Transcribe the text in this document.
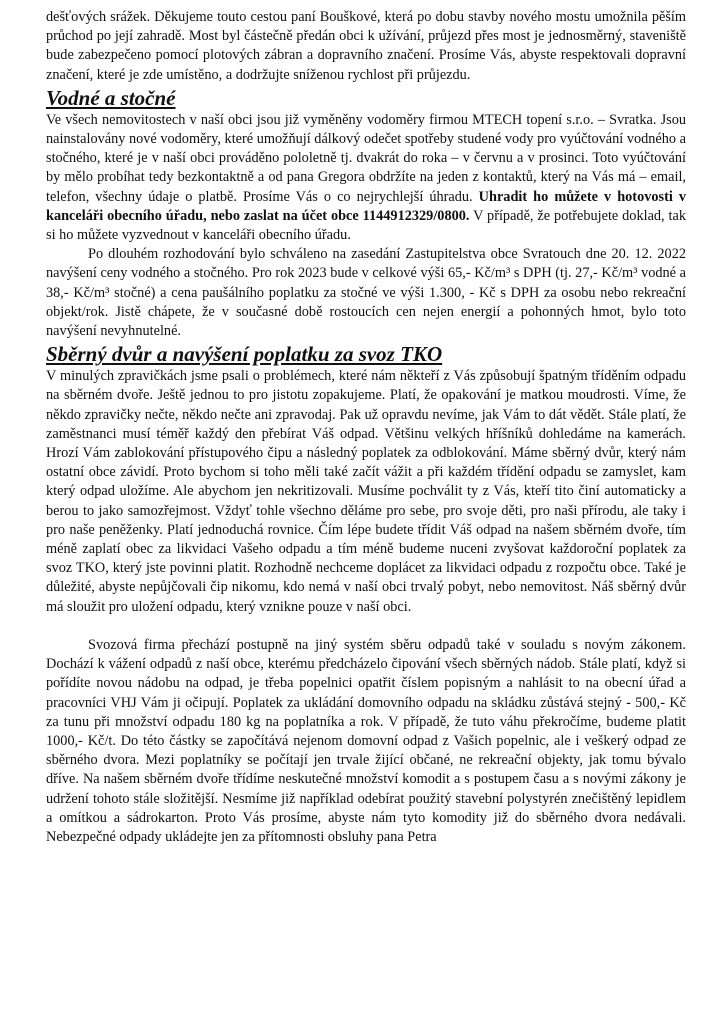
dešťových srážek. Děkujeme touto cestou paní Bouškové, která po dobu stavby nového mostu umožnila pěším průchod po její zahradě. Most byl částečně předán obci k užívání, průjezd přes most je jednosměrný, staveniště bude zabezpečeno pomocí plotových zábran a dopravního značení. Prosíme Vás, abyste respektovali dopravní značení, které je zde umístěno, a dodržujte sníženou rychlost při průjezdu.

Vodné a stočné

Ve všech nemovitostech v naší obci jsou již vyměněny vodoměry firmou MTECH topení s.r.o. – Svratka. Jsou nainstalovány nové vodoměry, které umožňují dálkový odečet spotřeby studené vody pro vyúčtování vodného a stočného, které je v naší obci prováděno pololetně tj. dvakrát do roka – v červnu a v prosinci. Toto vyúčtování by mělo probíhat tedy bezkontaktně a od pana Gregora obdržíte na jeden z kontaktů, který na Vás má – email, telefon, všechny údaje o platbě. Prosíme Vás o co nejrychlejší úhradu. Uhradit ho můžete v hotovosti v kanceláři obecního úřadu, nebo zaslat na účet obce 1144912329/0800. V případě, že potřebujete doklad, tak si ho můžete vyzvednout v kanceláři obecního úřadu.

Po dlouhém rozhodování bylo schváleno na zasedání Zastupitelstva obce Svratouch dne 20. 12. 2022 navýšení ceny vodného a stočného. Pro rok 2023 bude v celkové výši 65,- Kč/m³ s DPH (tj. 27,- Kč/m³ vodné a 38,- Kč/m³ stočné) a cena paušálního poplatku za stočné ve výši 1.300, - Kč s DPH za osobu nebo rekreační objekt/rok. Jistě chápete, že v současné době rostoucích cen nejen energií a pohonných hmot, bylo toto navýšení nevyhnutelné.

Sběrný dvůr a navýšení poplatku za svoz TKO

V minulých zpravičkách jsme psali o problémech, které nám někteří z Vás způsobují špatným tříděním odpadu na sběrném dvoře. Ještě jednou to pro jistotu zopakujeme. Platí, že opakování je matkou moudrosti. Víme, že někdo zpravičky nečte, někdo nečte ani zpravodaj. Pak už opravdu nevíme, jak Vám to dát vědět. Stále platí, že zaměstnanci musí téměř každý den přebírat Váš odpad. Většinu velkých hříšníků dohledáme na kamerách. Hrozí Vám zablokování přístupového čipu a následný poplatek za odblokování. Máme sběrný dvůr, který nám ostatní obce závidí. Proto bychom si toho měli také začít vážit a při každém třídění odpadu se zamyslet, kam který odpad uložíme. Ale abychom jen nekritizovali. Musíme pochválit ty z Vás, kteří tito činí automaticky a berou to jako samozřejmost. Vždyť tohle všechno děláme pro sebe, pro svoje děti, pro naši přírodu, ale taky i pro naše peněženky. Platí jednoduchá rovnice. Čím lépe budete třídit Váš odpad na našem sběrném dvoře, tím méně zaplatí obec za likvidaci Vašeho odpadu a tím méně budeme nuceni zvyšovat každoroční poplatek za svoz TKO, který jste povinni platit. Rozhodně nechceme doplácet za likvidaci odpadu z rozpočtu obce. Také je důležité, abyste nepůjčovali čip nikomu, kdo nemá v naší obci trvalý pobyt, nebo nemovitost. Náš sběrný dvůr má sloužit pro uložení odpadu, který vznikne pouze v naší obci.

Svozová firma přechází postupně na jiný systém sběru odpadů také v souladu s novým zákonem. Dochází k vážení odpadů z naší obce, kterému předcházelo čipování všech sběrných nádob. Stále platí, když si pořídíte novou nádobu na odpad, je třeba popelnici opatřit číslem popisným a nahlásit to na obecní úřad a pracovníci VHJ Vám ji očipují. Poplatek za ukládání domovního odpadu na skládku zůstává stejný - 500,- Kč za tunu při množství odpadu 180 kg na poplatníka a rok. V případě, že tuto váhu překročíme, budeme platit 1000,- Kč/t. Do této částky se započítává nejenom domovní odpad z Vašich popelnic, ale i veškerý odpad ze sběrného dvora. Mezi poplatníky se počítají jen trvale žijící občané, ne rekreační objekty, jak tomu bývalo dříve. Na našem sběrném dvoře třídíme neskutečné množství komodit a s postupem času a s novými zákony je udržení tohoto stále složitější. Nesmíme již například odebírat použitý stavební polystyrén znečištěný lepidlem a omítkou a sádrokarton. Proto Vás prosíme, abyste nám tyto komodity již do sběrného dvora nedávali. Nebezpečné odpady ukládejte jen za přítomnosti obsluhy pana Petra
